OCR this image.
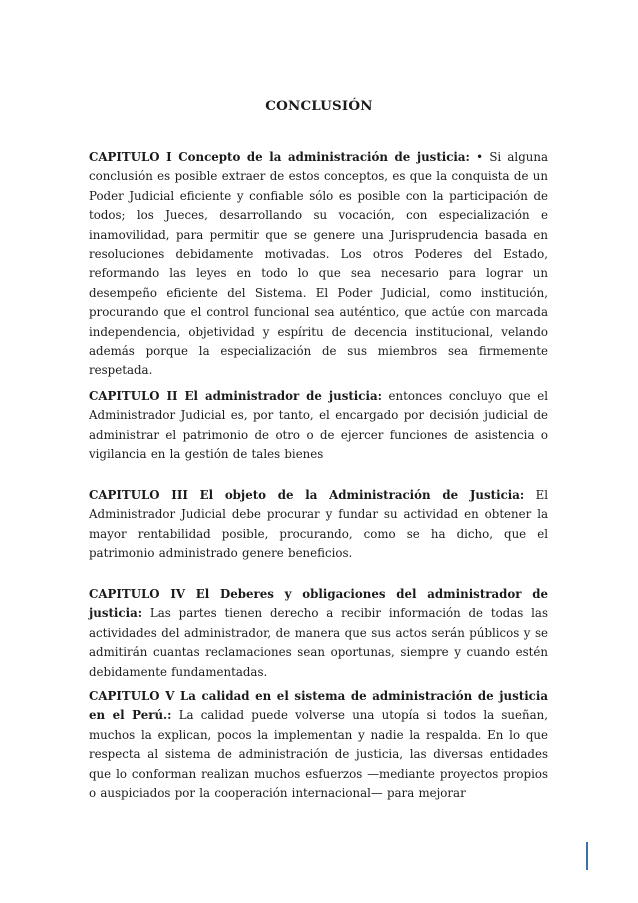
CONCLUSIÓN

CAPITULO I Concepto de la administración de justicia: • Si alguna conclusión es posible extraer de estos conceptos, es que la conquista de un Poder Judicial eficiente y confiable sólo es posible con la participación de todos; los Jueces, desarrollando su vocación, con especialización e inamovilidad, para permitir que se genere una Jurisprudencia basada en resoluciones debidamente motivadas. Los otros Poderes del Estado, reformando las leyes en todo lo que sea necesario para lograr un desempeño eficiente del Sistema. El Poder Judicial, como institución, procurando que el control funcional sea auténtico, que actúe con marcada independencia, objetividad y espíritu de decencia institucional, velando además porque la especialización de sus miembros sea firmemente respetada.

CAPITULO II El administrador de justicia: entonces concluyo que el Administrador Judicial es, por tanto, el encargado por decisión judicial de administrar el patrimonio de otro o de ejercer funciones de asistencia o vigilancia en la gestión de tales bienes

CAPITULO III El objeto de la Administración de Justicia: El Administrador Judicial debe procurar y fundar su actividad en obtener la mayor rentabilidad posible, procurando, como se ha dicho, que el patrimonio administrado genere beneficios.

CAPITULO IV El Deberes y obligaciones del administrador de justicia: Las partes tienen derecho a recibir información de todas las actividades del administrador, de manera que sus actos serán públicos y se admitirán cuantas reclamaciones sean oportunas, siempre y cuando estén debidamente fundamentadas.

CAPITULO V La calidad en el sistema de administración de justicia en el Perú.: La calidad puede volverse una utopía si todos la sueñan, muchos la explican, pocos la implementan y nadie la respalda. En lo que respecta al sistema de administración de justicia, las diversas entidades que lo conforman realizan muchos esfuerzos —mediante proyectos propios o auspiciados por la cooperación internacional— para mejorar
